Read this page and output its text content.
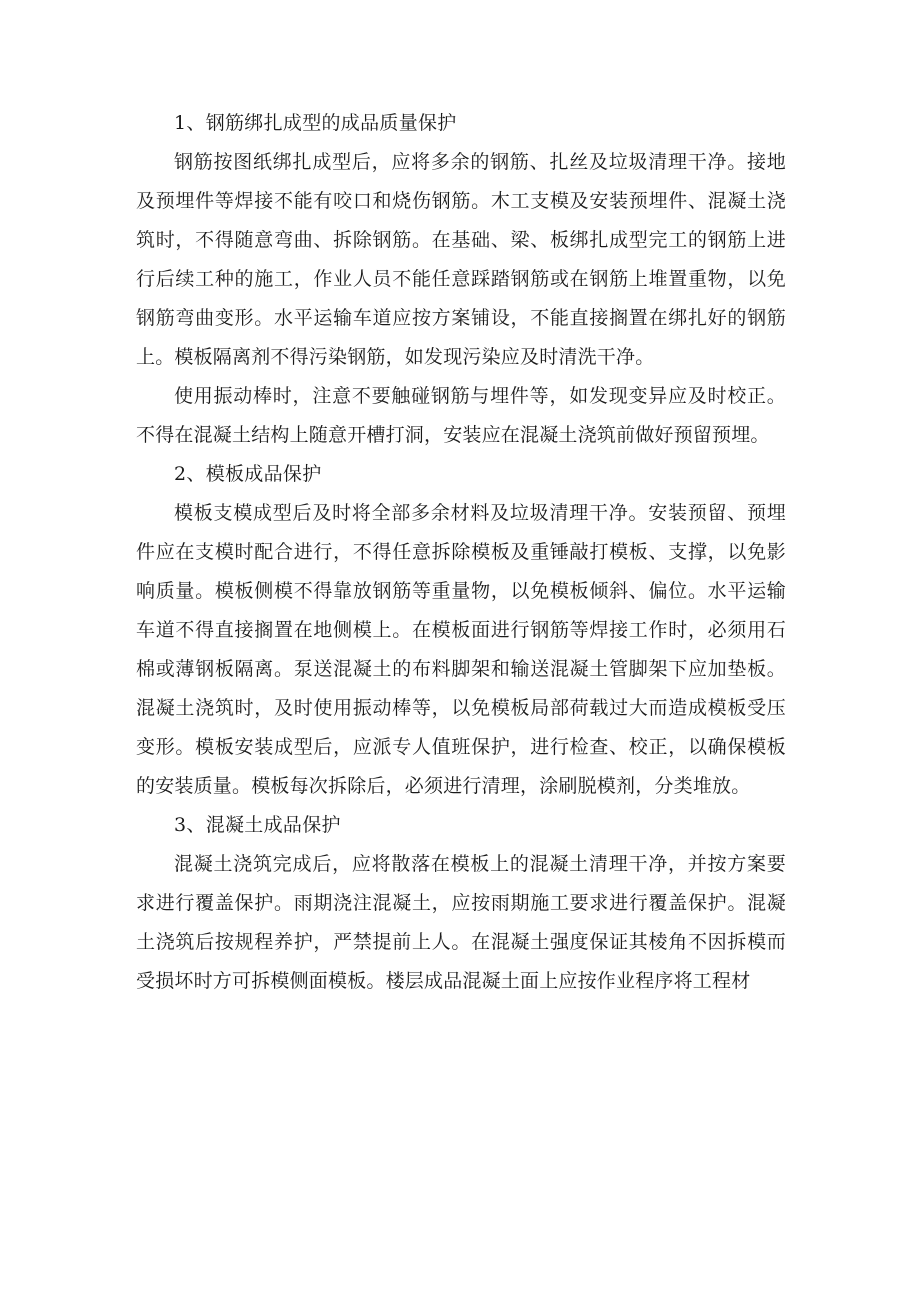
1、钢筋绑扎成型的成品质量保护

钢筋按图纸绑扎成型后，应将多余的钢筋、扎丝及垃圾清理干净。接地及预埋件等焊接不能有咬口和烧伤钢筋。木工支模及安装预埋件、混凝土浇筑时，不得随意弯曲、拆除钢筋。在基础、梁、板绑扎成型完工的钢筋上进行后续工种的施工，作业人员不能任意踩踏钢筋或在钢筋上堆置重物，以免钢筋弯曲变形。水平运输车道应按方案铺设，不能直接搁置在绑扎好的钢筋上。模板隔离剂不得污染钢筋，如发现污染应及时清洗干净。

使用振动棒时，注意不要触碰钢筋与埋件等，如发现变异应及时校正。不得在混凝土结构上随意开槽打洞，安装应在混凝土浇筑前做好预留预埋。

2、模板成品保护

模板支模成型后及时将全部多余材料及垃圾清理干净。安装预留、预埋件应在支模时配合进行，不得任意拆除模板及重锤敲打模板、支撑，以免影响质量。模板侧模不得靠放钢筋等重量物，以免模板倾斜、偏位。水平运输车道不得直接搁置在地侧模上。在模板面进行钢筋等焊接工作时，必须用石棉或薄钢板隔离。泵送混凝土的布料脚架和输送混凝土管脚架下应加垫板。混凝土浇筑时，及时使用振动棒等，以免模板局部荷载过大而造成模板受压变形。模板安装成型后，应派专人值班保护，进行检查、校正，以确保模板的安装质量。模板每次拆除后，必须进行清理，涂刷脱模剂，分类堆放。

3、混凝土成品保护

混凝土浇筑完成后，应将散落在模板上的混凝土清理干净，并按方案要求进行覆盖保护。雨期浇注混凝土，应按雨期施工要求进行覆盖保护。混凝土浇筑后按规程养护，严禁提前上人。在混凝土强度保证其棱角不因拆模而受损坏时方可拆模侧面模板。楼层成品混凝土面上应按作业程序将工程材
